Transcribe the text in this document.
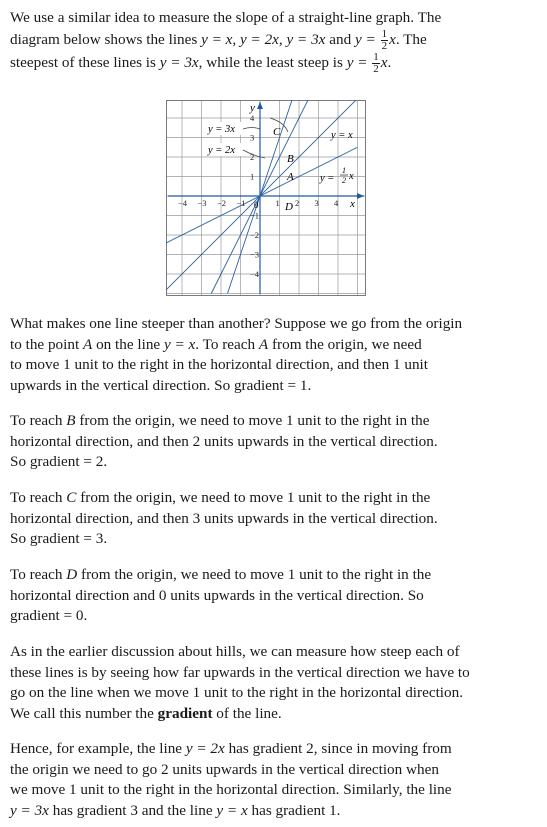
We use a similar idea to measure the slope of a straight-line graph. The
diagram below shows the lines y = x, y = 2x, y = 3x and $y = \frac{1}{2} x$. The
steepest of these lines is y = 3x, while the least steep is $y = \frac{1}{2} x$.

−4 −3 −2 −1	1 2 3 4
4
3
2
1
−1
−2
−3
−4
y
x
y = 3x
y = 2x
y = x
y =
1
2 x
C
B
A
D
0

What makes one line steeper than another? Suppose we go from the origin
to the point A on the line y = x. To reach A from the origin, we need
to move 1 unit to the right in the horizontal direction, and then 1 unit
upwards in the vertical direction. So gradient = 1.

To reach B from the origin, we need to move 1 unit to the right in the
horizontal direction, and then 2 units upwards in the vertical direction.
So gradient = 2.

To reach C from the origin, we need to move 1 unit to the right in the
horizontal direction, and then 3 units upwards in the vertical direction.
So gradient = 3.

To reach D from the origin, we need to move 1 unit to the right in the
horizontal direction and 0 units upwards in the vertical direction. So
gradient = 0.

As in the earlier discussion about hills, we can measure how steep each of
these lines is by seeing how far upwards in the vertical direction we have to
go on the line when we move 1 unit to the right in the horizontal direction.
We call this number the gradient of the line.

Hence, for example, the line y = 2x has gradient 2, since in moving from
the origin we need to go 2 units upwards in the vertical direction when
we move 1 unit to the right in the horizontal direction. Similarly, the line
y = 3x has gradient 3 and the line y = x has gradient 1.
